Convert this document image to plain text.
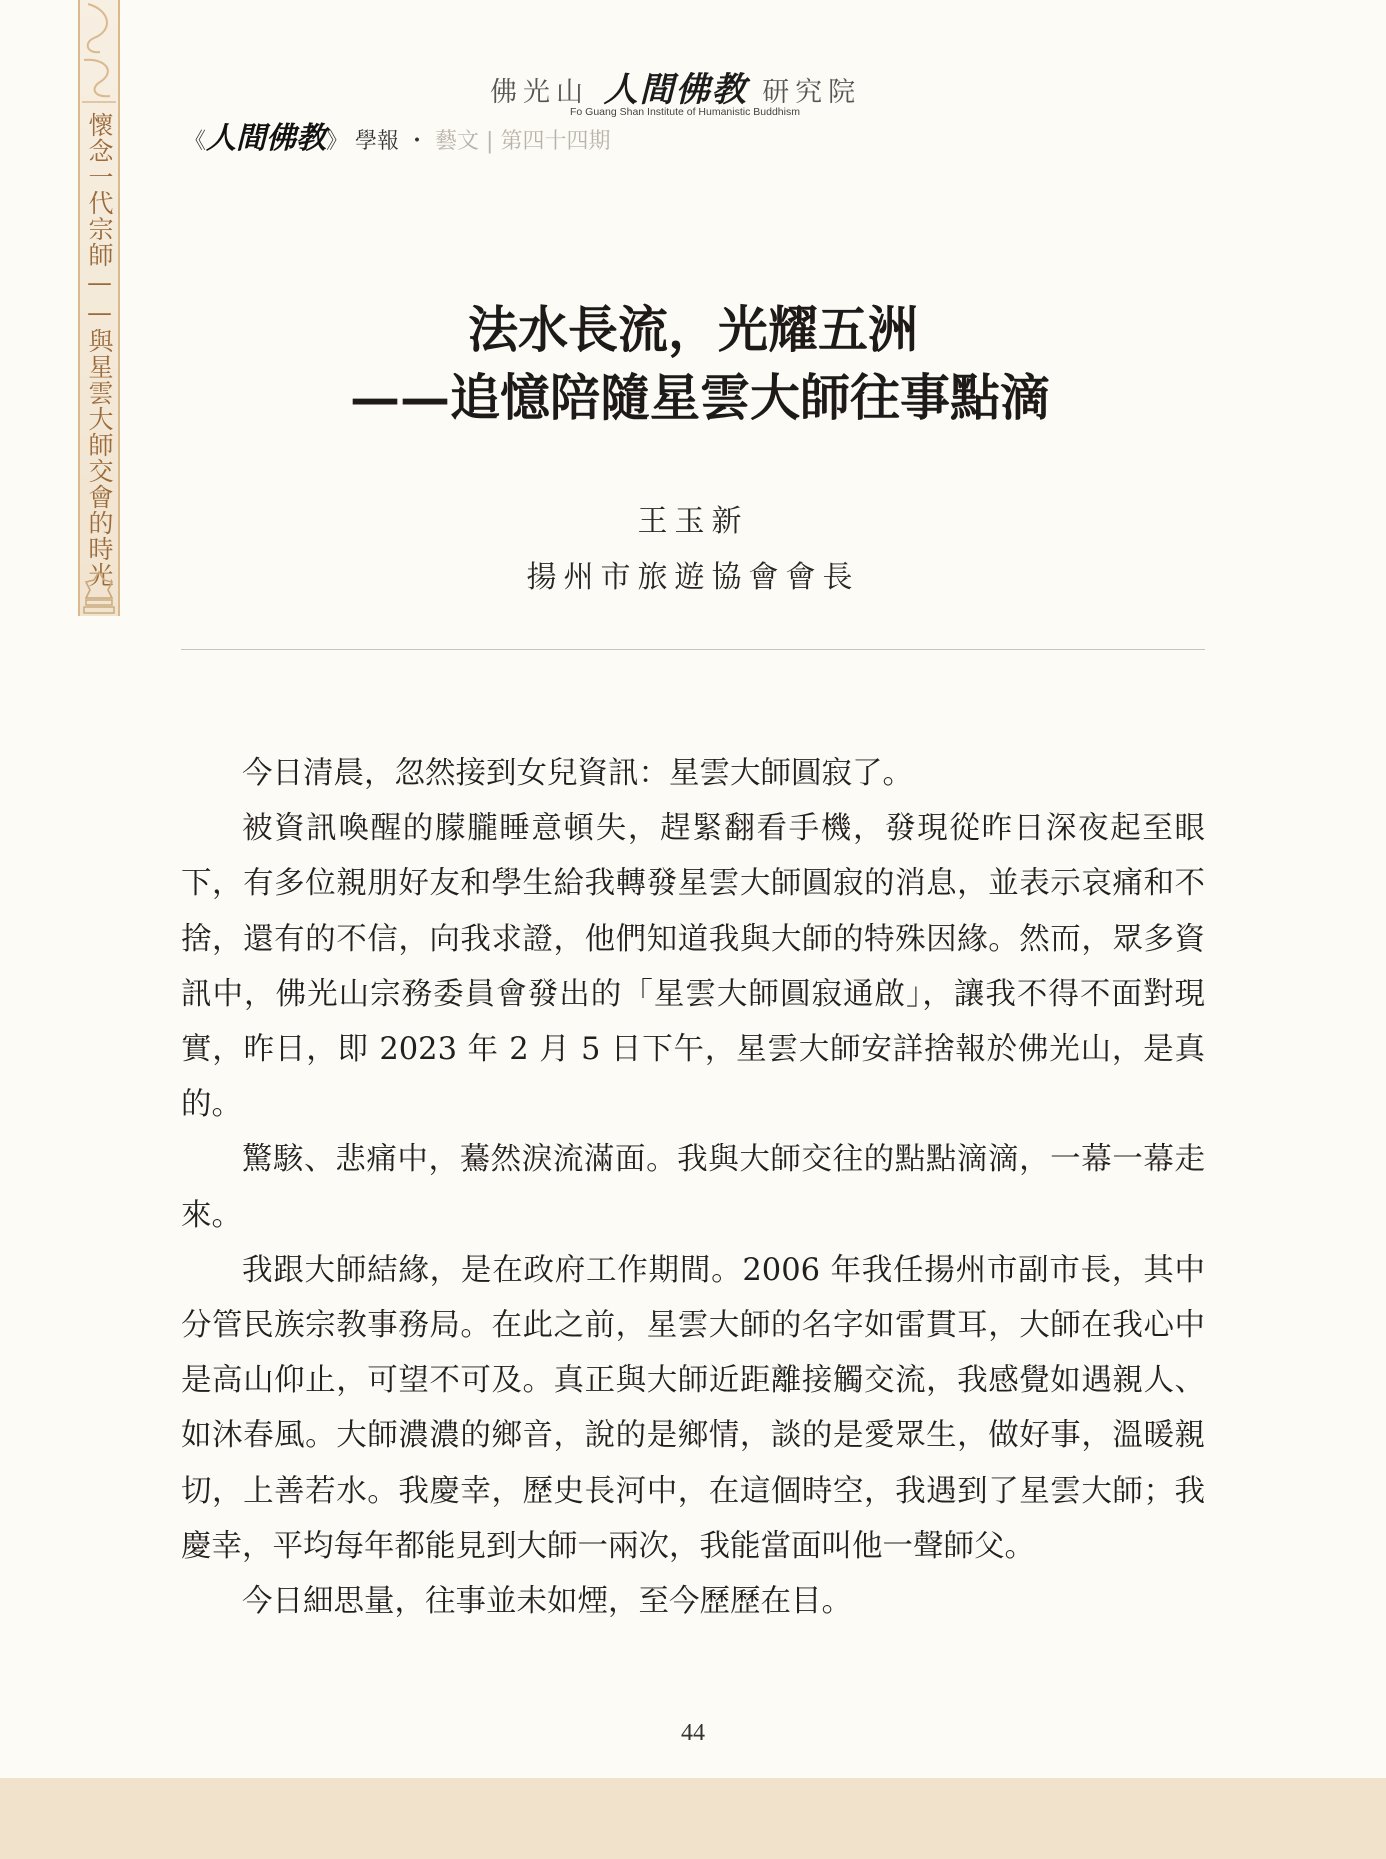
懷念一代宗師——與星雲大師交會的時光
佛光山 人間佛教 研究院
Fo Guang Shan Institute of Humanistic Buddhism
《人間佛教》 學報 ・ 藝文 | 第四十四期
法水長流，光耀五洲
——追憶陪隨星雲大師往事點滴
王玉新
揚州市旅遊協會會長

今日清晨，忽然接到女兒資訊：星雲大師圓寂了。

被資訊喚醒的朦朧睡意頓失，趕緊翻看手機，發現從昨日深夜起至眼下，有多位親朋好友和學生給我轉發星雲大師圓寂的消息，並表示哀痛和不捨，還有的不信，向我求證，他們知道我與大師的特殊因緣。然而，眾多資訊中，佛光山宗務委員會發出的「星雲大師圓寂通啟」，讓我不得不面對現實，昨日，即 2023 年 2 月 5 日下午，星雲大師安詳捨報於佛光山，是真的。

驚駭、悲痛中，驀然淚流滿面。我與大師交往的點點滴滴，一幕一幕走來。

我跟大師結緣，是在政府工作期間。2006 年我任揚州市副市長，其中分管民族宗教事務局。在此之前，星雲大師的名字如雷貫耳，大師在我心中是高山仰止，可望不可及。真正與大師近距離接觸交流，我感覺如遇親人、如沐春風。大師濃濃的鄉音，說的是鄉情，談的是愛眾生，做好事，溫暖親切，上善若水。我慶幸，歷史長河中，在這個時空，我遇到了星雲大師；我慶幸，平均每年都能見到大師一兩次，我能當面叫他一聲師父。

今日細思量，往事並未如煙，至今歷歷在目。

44
